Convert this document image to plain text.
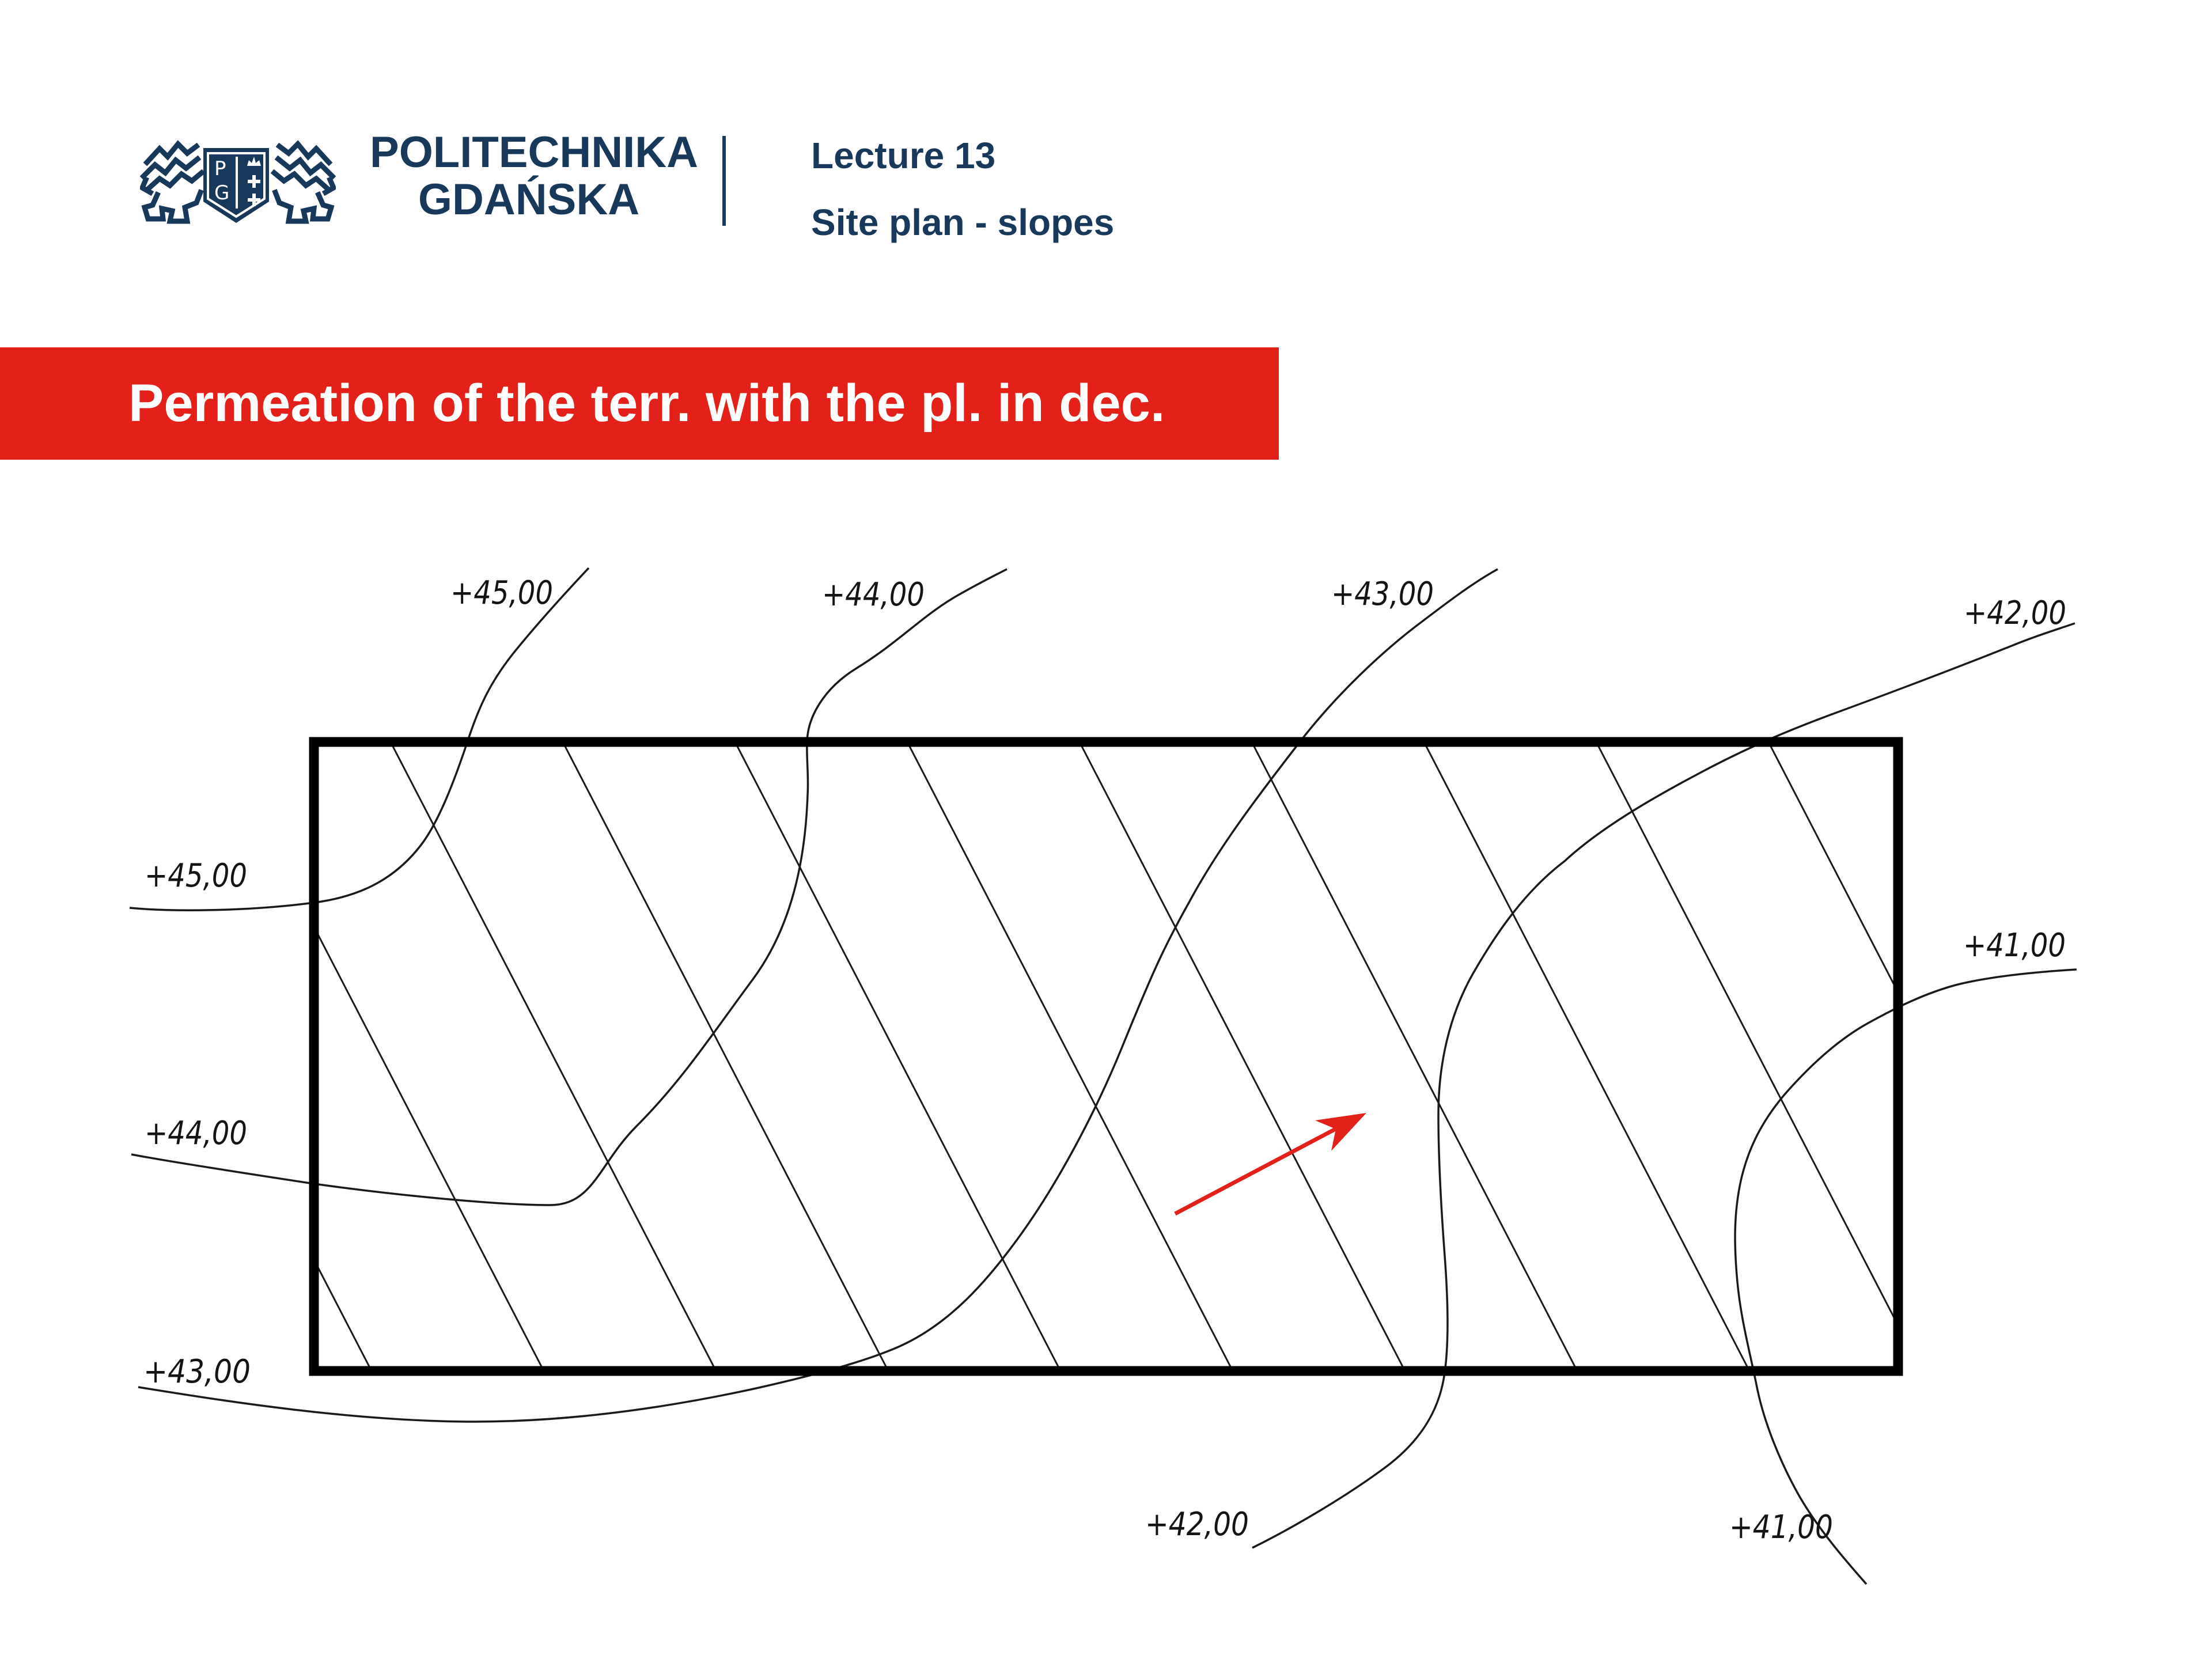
P
G
POLITECHNIKA
GDAŃSKA
Lecture 13
Site plan - slopes
Permeation of the terr. with the pl. in dec.
+45,00	+44,00	+43,00
+42,00
+45,00
+44,00
+43,00
+41,00
+42,00	+41,00
